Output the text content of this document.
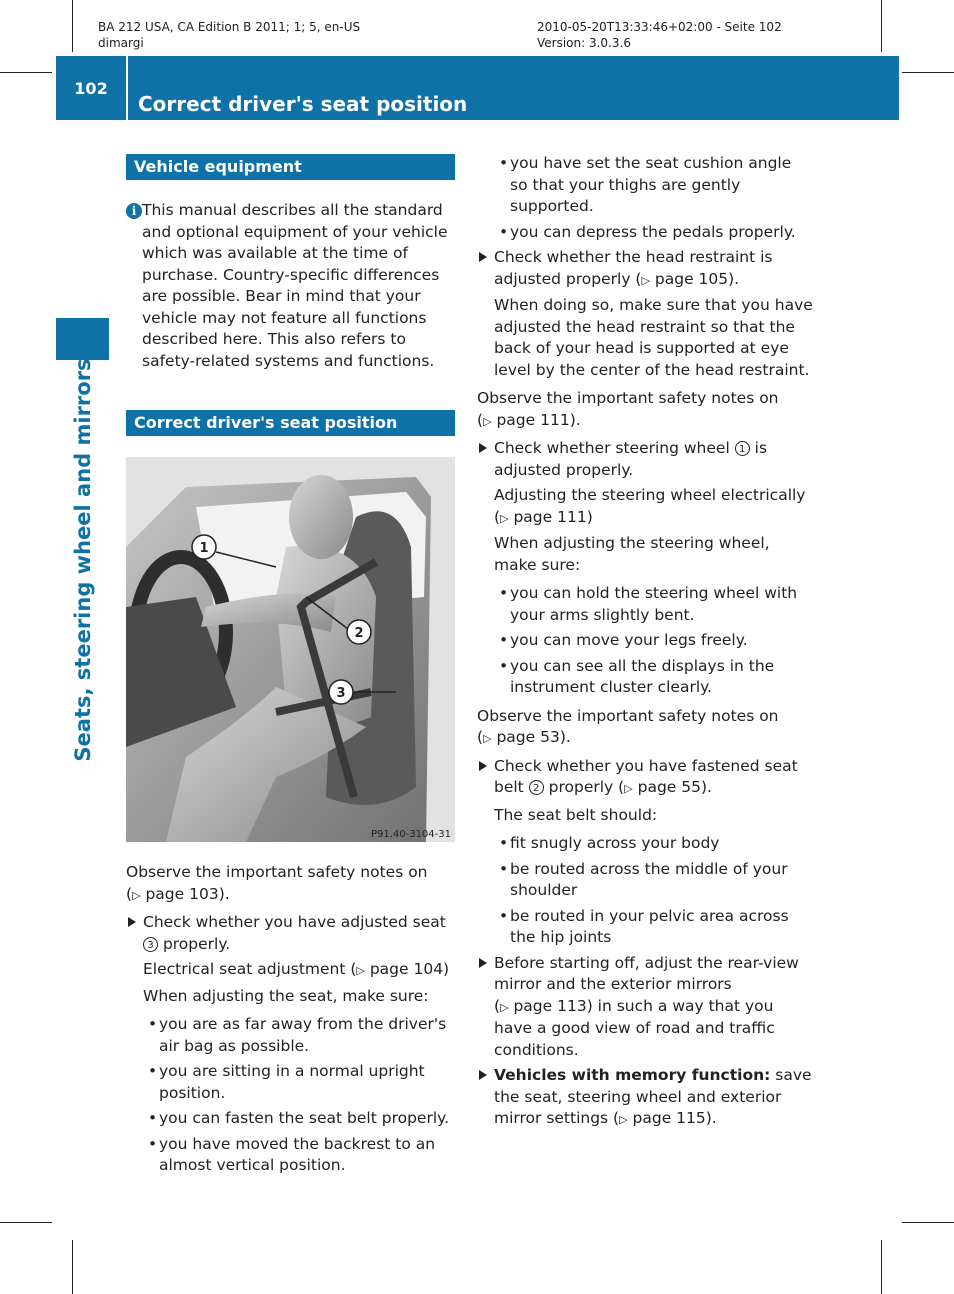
BA 212 USA, CA Edition B 2011; 1; 5, en-US
dimargi
2010-05-20T13:33:46+02:00 - Seite 102
Version: 3.0.3.6
102
Correct driver's seat position
Seats, steering wheel and mirrors
Vehicle equipment
i This manual describes all the standard and optional equipment of your vehicle which was available at the time of purchase. Country-specific differences are possible. Bear in mind that your vehicle may not feature all functions described here. This also refers to safety-related systems and functions.

Correct driver's seat position
1
2
3
P91.40-3104-31

Observe the important safety notes on
(▷ page 103).

Check whether you have adjusted seat 3 properly.

Electrical seat adjustment (▷ page 104)

When adjusting the seat, make sure:

• you are as far away from the driver's air bag as possible.
• you are sitting in a normal upright position.
• you can fasten the seat belt properly.
• you have moved the backrest to an almost vertical position.
• you have set the seat cushion angle so that your thighs are gently supported.
• you can depress the pedals properly.
Check whether the head restraint is adjusted properly (▷ page 105).

When doing so, make sure that you have adjusted the head restraint so that the back of your head is supported at eye level by the center of the head restraint.

Observe the important safety notes on
(▷ page 111).

Check whether steering wheel 1 is adjusted properly.

Adjusting the steering wheel electrically
(▷ page 111)

When adjusting the steering wheel, make sure:

• you can hold the steering wheel with your arms slightly bent.
• you can move your legs freely.
• you can see all the displays in the instrument cluster clearly.

Observe the important safety notes on
(▷ page 53).

Check whether you have fastened seat belt 2 properly (▷ page 55).

The seat belt should:

• fit snugly across your body
• be routed across the middle of your shoulder
• be routed in your pelvic area across the hip joints
Before starting off, adjust the rear-view mirror and the exterior mirrors
(▷ page 113) in such a way that you have a good view of road and traffic conditions.
Vehicles with memory function: save the seat, steering wheel and exterior mirror settings (▷ page 115).
